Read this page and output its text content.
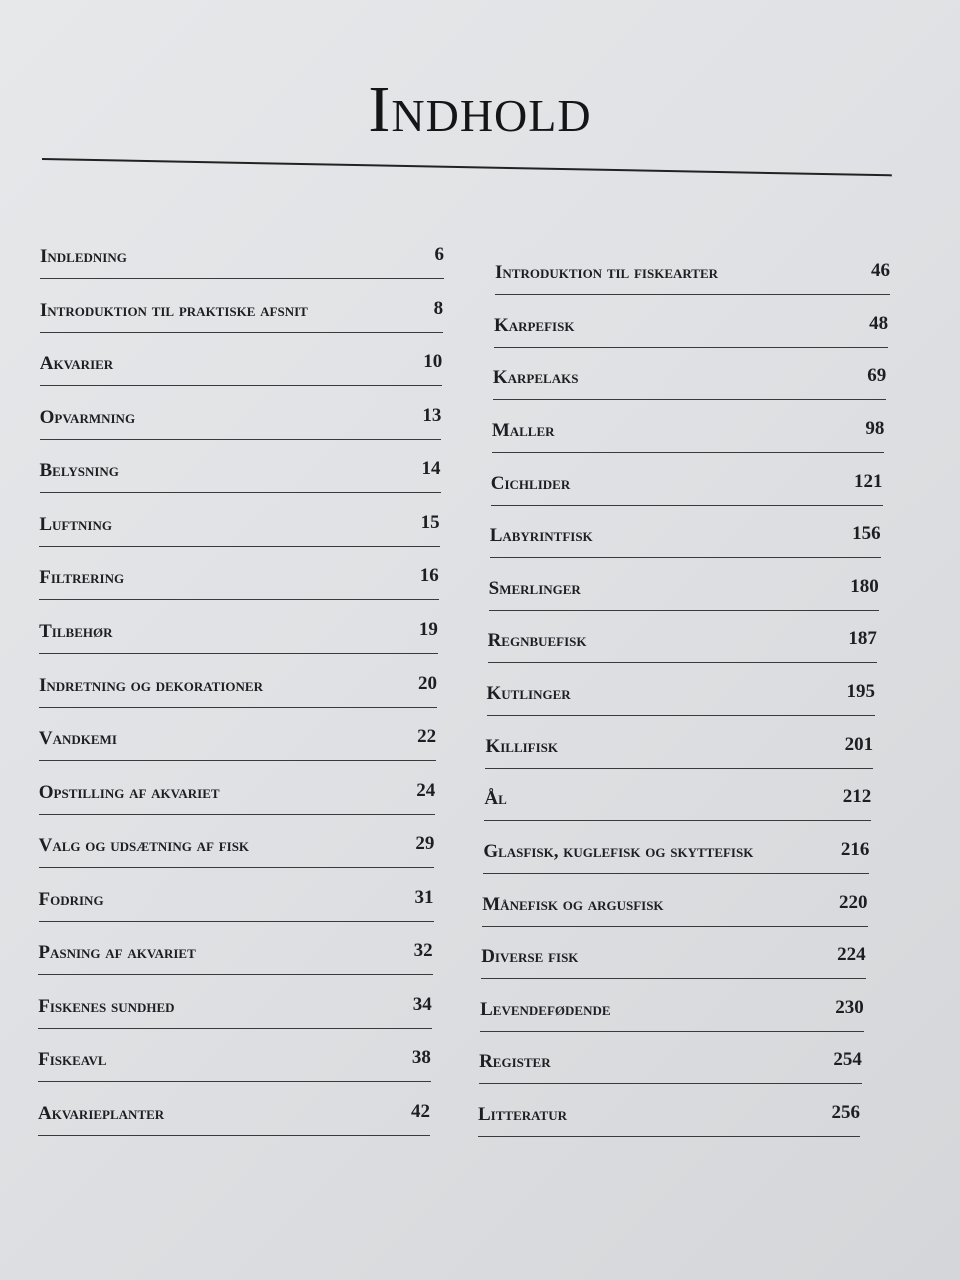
Indhold
Indledning	6
Introduktion til praktiske afsnit	8
Akvarier	10
Opvarmning	13
Belysning	14
Luftning	15
Filtrering	16
Tilbehør	19
Indretning og dekorationer	20
Vandkemi	22
Opstilling af akvariet	24
Valg og udsætning af fisk	29
Fodring	31
Pasning af akvariet	32
Fiskenes sundhed	34
Fiskeavl	38
Akvarieplanter	42
Introduktion til fiskearter	46
Karpefisk	48
Karpelaks	69
Maller	98
Cichlider	121
Labyrintfisk	156
Smerlinger	180
Regnbuefisk	187
Kutlinger	195
Killifisk	201
Ål	212
Glasfisk, kuglefisk og skyttefisk	216
Månefisk og argusfisk	220
Diverse fisk	224
Levendefødende	230
Register	254
Litteratur	256
